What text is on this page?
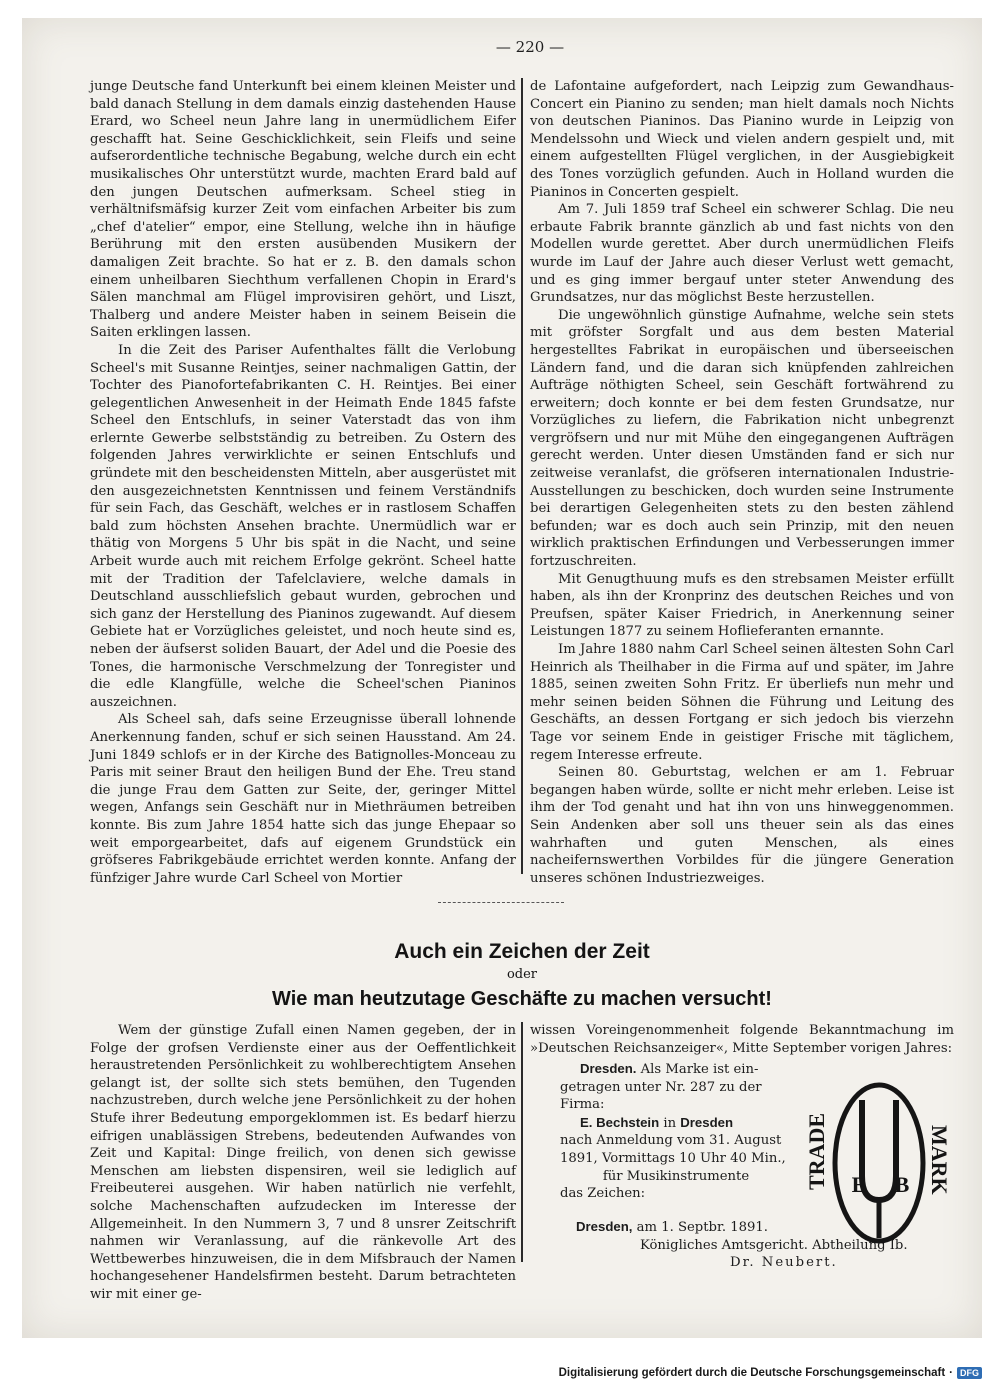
— 220 —

junge Deutsche fand Unterkunft bei einem kleinen Meister und bald danach Stellung in dem damals einzig dastehenden Hause Erard, wo Scheel neun Jahre lang in unermüdlichem Eifer geschafft hat. Seine Geschicklichkeit, sein Fleifs und seine aufserordentliche technische Begabung, welche durch ein echt musikalisches Ohr unterstützt wurde, machten Erard bald auf den jungen Deutschen aufmerksam. Scheel stieg in verhältnifsmäfsig kurzer Zeit vom einfachen Arbeiter bis zum „chef d'atelier“ empor, eine Stellung, welche ihn in häufige Berührung mit den ersten ausübenden Musikern der damaligen Zeit brachte. So hat er z. B. den damals schon einem unheilbaren Siechthum verfallenen Chopin in Erard's Sälen manchmal am Flügel improvisiren gehört, und Liszt, Thalberg und andere Meister haben in seinem Beisein die Saiten erklingen lassen.

In die Zeit des Pariser Aufenthaltes fällt die Verlobung Scheel's mit Susanne Reintjes, seiner nachmaligen Gattin, der Tochter des Pianofortefabrikanten C. H. Reintjes. Bei einer gelegentlichen Anwesenheit in der Heimath Ende 1845 fafste Scheel den Entschlufs, in seiner Vaterstadt das von ihm erlernte Gewerbe selbstständig zu betreiben. Zu Ostern des folgenden Jahres verwirklichte er seinen Entschlufs und gründete mit den bescheidensten Mitteln, aber ausgerüstet mit den ausgezeichnetsten Kenntnissen und feinem Verständnifs für sein Fach, das Geschäft, welches er in rastlosem Schaffen bald zum höchsten Ansehen brachte. Unermüdlich war er thätig von Morgens 5 Uhr bis spät in die Nacht, und seine Arbeit wurde auch mit reichem Erfolge gekrönt. Scheel hatte mit der Tradition der Tafelclaviere, welche damals in Deutschland ausschliefslich gebaut wurden, gebrochen und sich ganz der Herstellung des Pianinos zugewandt. Auf diesem Gebiete hat er Vorzügliches geleistet, und noch heute sind es, neben der äufserst soliden Bauart, der Adel und die Poesie des Tones, die harmonische Verschmelzung der Tonregister und die edle Klangfülle, welche die Scheel'schen Pianinos auszeichnen.

Als Scheel sah, dafs seine Erzeugnisse überall lohnende Anerkennung fanden, schuf er sich seinen Hausstand. Am 24. Juni 1849 schlofs er in der Kirche des Batignolles-Monceau zu Paris mit seiner Braut den heiligen Bund der Ehe. Treu stand die junge Frau dem Gatten zur Seite, der, geringer Mittel wegen, Anfangs sein Geschäft nur in Miethräumen betreiben konnte. Bis zum Jahre 1854 hatte sich das junge Ehepaar so weit emporgearbeitet, dafs auf eigenem Grundstück ein gröfseres Fabrikgebäude errichtet werden konnte. Anfang der fünfziger Jahre wurde Carl Scheel von Mortier

de Lafontaine aufgefordert, nach Leipzig zum Gewandhaus-Concert ein Pianino zu senden; man hielt damals noch Nichts von deutschen Pianinos. Das Pianino wurde in Leipzig von Mendelssohn und Wieck und vielen andern gespielt und, mit einem aufgestellten Flügel verglichen, in der Ausgiebigkeit des Tones vorzüglich gefunden. Auch in Holland wurden die Pianinos in Concerten gespielt.

Am 7. Juli 1859 traf Scheel ein schwerer Schlag. Die neu erbaute Fabrik brannte gänzlich ab und fast nichts von den Modellen wurde gerettet. Aber durch unermüdlichen Fleifs wurde im Lauf der Jahre auch dieser Verlust wett gemacht, und es ging immer bergauf unter steter Anwendung des Grundsatzes, nur das möglichst Beste herzustellen.

Die ungewöhnlich günstige Aufnahme, welche sein stets mit gröfster Sorgfalt und aus dem besten Material hergestelltes Fabrikat in europäischen und überseeischen Ländern fand, und die daran sich knüpfenden zahlreichen Aufträge nöthigten Scheel, sein Geschäft fortwährend zu erweitern; doch konnte er bei dem festen Grundsatze, nur Vorzügliches zu liefern, die Fabrikation nicht unbegrenzt vergröfsern und nur mit Mühe den eingegangenen Aufträgen gerecht werden. Unter diesen Umständen fand er sich nur zeitweise veranlafst, die gröfseren internationalen Industrie-Ausstellungen zu beschicken, doch wurden seine Instrumente bei derartigen Gelegenheiten stets zu den besten zählend befunden; war es doch auch sein Prinzip, mit den neuen wirklich praktischen Erfindungen und Verbesserungen immer fortzuschreiten.

Mit Genugthuung mufs es den strebsamen Meister erfüllt haben, als ihn der Kronprinz des deutschen Reiches und von Preufsen, später Kaiser Friedrich, in Anerkennung seiner Leistungen 1877 zu seinem Hoflieferanten ernannte.

Im Jahre 1880 nahm Carl Scheel seinen ältesten Sohn Carl Heinrich als Theilhaber in die Firma auf und später, im Jahre 1885, seinen zweiten Sohn Fritz. Er überliefs nun mehr und mehr seinen beiden Söhnen die Führung und Leitung des Geschäfts, an dessen Fortgang er sich jedoch bis vierzehn Tage vor seinem Ende in geistiger Frische mit täglichem, regem Interesse erfreute.

Seinen 80. Geburtstag, welchen er am 1. Februar begangen haben würde, sollte er nicht mehr erleben. Leise ist ihm der Tod genaht und hat ihn von uns hinweggenommen. Sein Andenken aber soll uns theuer sein als das eines wahrhaften und guten Menschen, als eines nacheifernswerthen Vorbildes für die jüngere Generation unseres schönen Industriezweiges.

Auch ein Zeichen der Zeit
oder
Wie man heutzutage Geschäfte zu machen versucht!

Wem der günstige Zufall einen Namen gegeben, der in Folge der grofsen Verdienste einer aus der Oeffentlichkeit heraustretenden Persönlichkeit zu wohlberechtigtem Ansehen gelangt ist, der sollte sich stets bemühen, den Tugenden nachzustreben, durch welche jene Persönlichkeit zu der hohen Stufe ihrer Bedeutung emporgeklommen ist. Es bedarf hierzu eifrigen unablässigen Strebens, bedeutenden Aufwandes von Zeit und Kapital: Dinge freilich, von denen sich gewisse Menschen am liebsten dispensiren, weil sie lediglich auf Freibeuterei ausgehen. Wir haben natürlich nie verfehlt, solche Machenschaften aufzudecken im Interesse der Allgemeinheit. In den Nummern 3, 7 und 8 unsrer Zeitschrift nahmen wir Veranlassung, auf die ränkevolle Art des Wettbewerbes hinzuweisen, die in dem Mifsbrauch der Namen hochangesehener Handelsfirmen besteht. Darum betrachteten wir mit einer ge-

wissen Voreingenommenheit folgende Bekanntmachung im »Deutschen Reichsanzeiger«, Mitte September vorigen Jahres:

Dresden. Als Marke ist ein-
getragen unter Nr. 287 zu der
Firma:
E. Bechstein in Dresden
nach Anmeldung vom 31. August
1891, Vormittags 10 Uhr 40 Min.,
für Musikinstrumente
das Zeichen:
Dresden, am 1. Septbr. 1891.
Königliches Amtsgericht. Abtheilung Ib.
Dr. Neubert.
TRADE	MARK
E B
Digitalisierung gefördert durch die Deutsche Forschungsgemeinschaft · DFG
